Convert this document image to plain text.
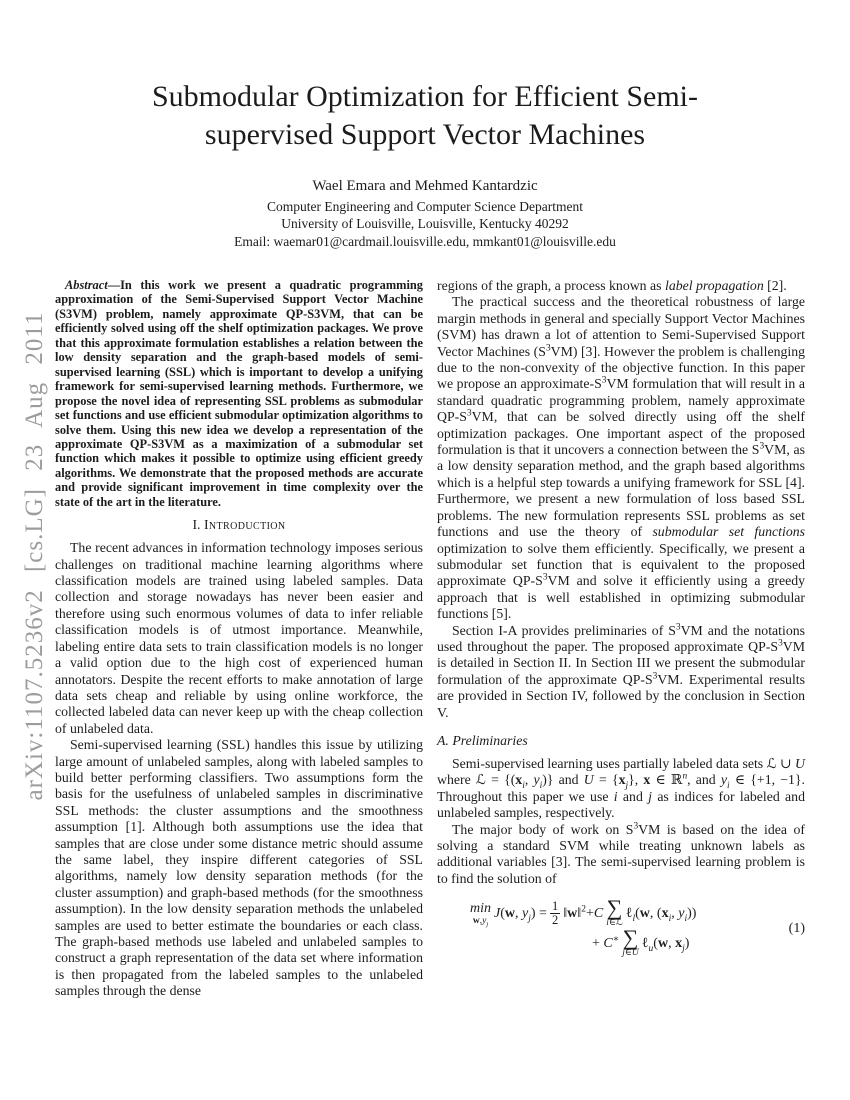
arXiv:1107.5236v2 [cs.LG] 23 Aug 2011
Submodular Optimization for Efficient Semi-supervised Support Vector Machines
Wael Emara and Mehmed Kantardzic
Computer Engineering and Computer Science Department
University of Louisville, Louisville, Kentucky 40292
Email: waemar01@cardmail.louisville.edu, mmkant01@louisville.edu
Abstract—In this work we present a quadratic programming approximation of the Semi-Supervised Support Vector Machine (S3VM) problem, namely approximate QP-S3VM, that can be efficiently solved using off the shelf optimization packages. We prove that this approximate formulation establishes a relation between the low density separation and the graph-based models of semi-supervised learning (SSL) which is important to develop a unifying framework for semi-supervised learning methods. Furthermore, we propose the novel idea of representing SSL problems as submodular set functions and use efficient submodular optimization algorithms to solve them. Using this new idea we develop a representation of the approximate QP-S3VM as a maximization of a submodular set function which makes it possible to optimize using efficient greedy algorithms. We demonstrate that the proposed methods are accurate and provide significant improvement in time complexity over the state of the art in the literature.
I. Introduction

The recent advances in information technology imposes serious challenges on traditional machine learning algorithms where classification models are trained using labeled samples. Data collection and storage nowadays has never been easier and therefore using such enormous volumes of data to infer reliable classification models is of utmost importance. Meanwhile, labeling entire data sets to train classification models is no longer a valid option due to the high cost of experienced human annotators. Despite the recent efforts to make annotation of large data sets cheap and reliable by using online workforce, the collected labeled data can never keep up with the cheap collection of unlabeled data.

Semi-supervised learning (SSL) handles this issue by utilizing large amount of unlabeled samples, along with labeled samples to build better performing classifiers. Two assumptions form the basis for the usefulness of unlabeled samples in discriminative SSL methods: the cluster assumptions and the smoothness assumption [1]. Although both assumptions use the idea that samples that are close under some distance metric should assume the same label, they inspire different categories of SSL algorithms, namely low density separation methods (for the cluster assumption) and graph-based methods (for the smoothness assumption). In the low density separation methods the unlabeled samples are used to better estimate the boundaries or each class. The graph-based methods use labeled and unlabeled samples to construct a graph representation of the data set where information is then propagated from the labeled samples to the unlabeled samples through the dense

regions of the graph, a process known as label propagation [2].

The practical success and the theoretical robustness of large margin methods in general and specially Support Vector Machines (SVM) has drawn a lot of attention to Semi-Supervised Support Vector Machines $(S^3VM)$ [3]. However the problem is challenging due to the non-convexity of the objective function. In this paper we propose an approximate-$S^3VM$ formulation that will result in a standard quadratic programming problem, namely approximate $QP-S^3VM$, that can be solved directly using off the shelf optimization packages. One important aspect of the proposed formulation is that it uncovers a connection between the $S^3VM$, as a low density separation method, and the graph based algorithms which is a helpful step towards a unifying framework for SSL [4]. Furthermore, we present a new formulation of loss based SSL problems. The new formulation represents SSL problems as set functions and use the theory of submodular set functions optimization to solve them efficiently. Specifically, we present a submodular set function that is equivalent to the proposed approximate $QP-S^3VM$ and solve it efficiently using a greedy approach that is well established in optimizing submodular functions [5].

Section I-A provides preliminaries of $S^3VM$ and the notations used throughout the paper. The proposed approximate $QP-S^3VM$ is detailed in Section II. In Section III we present the submodular formulation of the approximate $QP-S^3VM$. Experimental results are provided in Section IV, followed by the conclusion in Section V.

A. Preliminaries

Semi-supervised learning uses partially labeled data sets ℒ ∪ U where ℒ = {($x_i$, $y_i$)} and $U = \{x_j\}$, x ∈ ℝ$^n$, and $y_i$ ∈ {+1, −1}. Throughout this paper we use i and j as indices for labeled and unlabeled samples, respectively.

The major body of work on $S^3VM$ is based on the idea of solving a standard SVM while treating unknown labels as additional variables [3]. The semi-supervised learning problem is to find the solution of

min
$w,y_j$
J(w, $y_j) = \frac{1}{2}$ ‖w‖$^2$+C ∑
i∈ℒ
ℓ$_l$(w, ($x_i$, $y_i$))
+ C∗ ∑
j∈U
ℓ$_u$(w, $x_j$)
(1)
